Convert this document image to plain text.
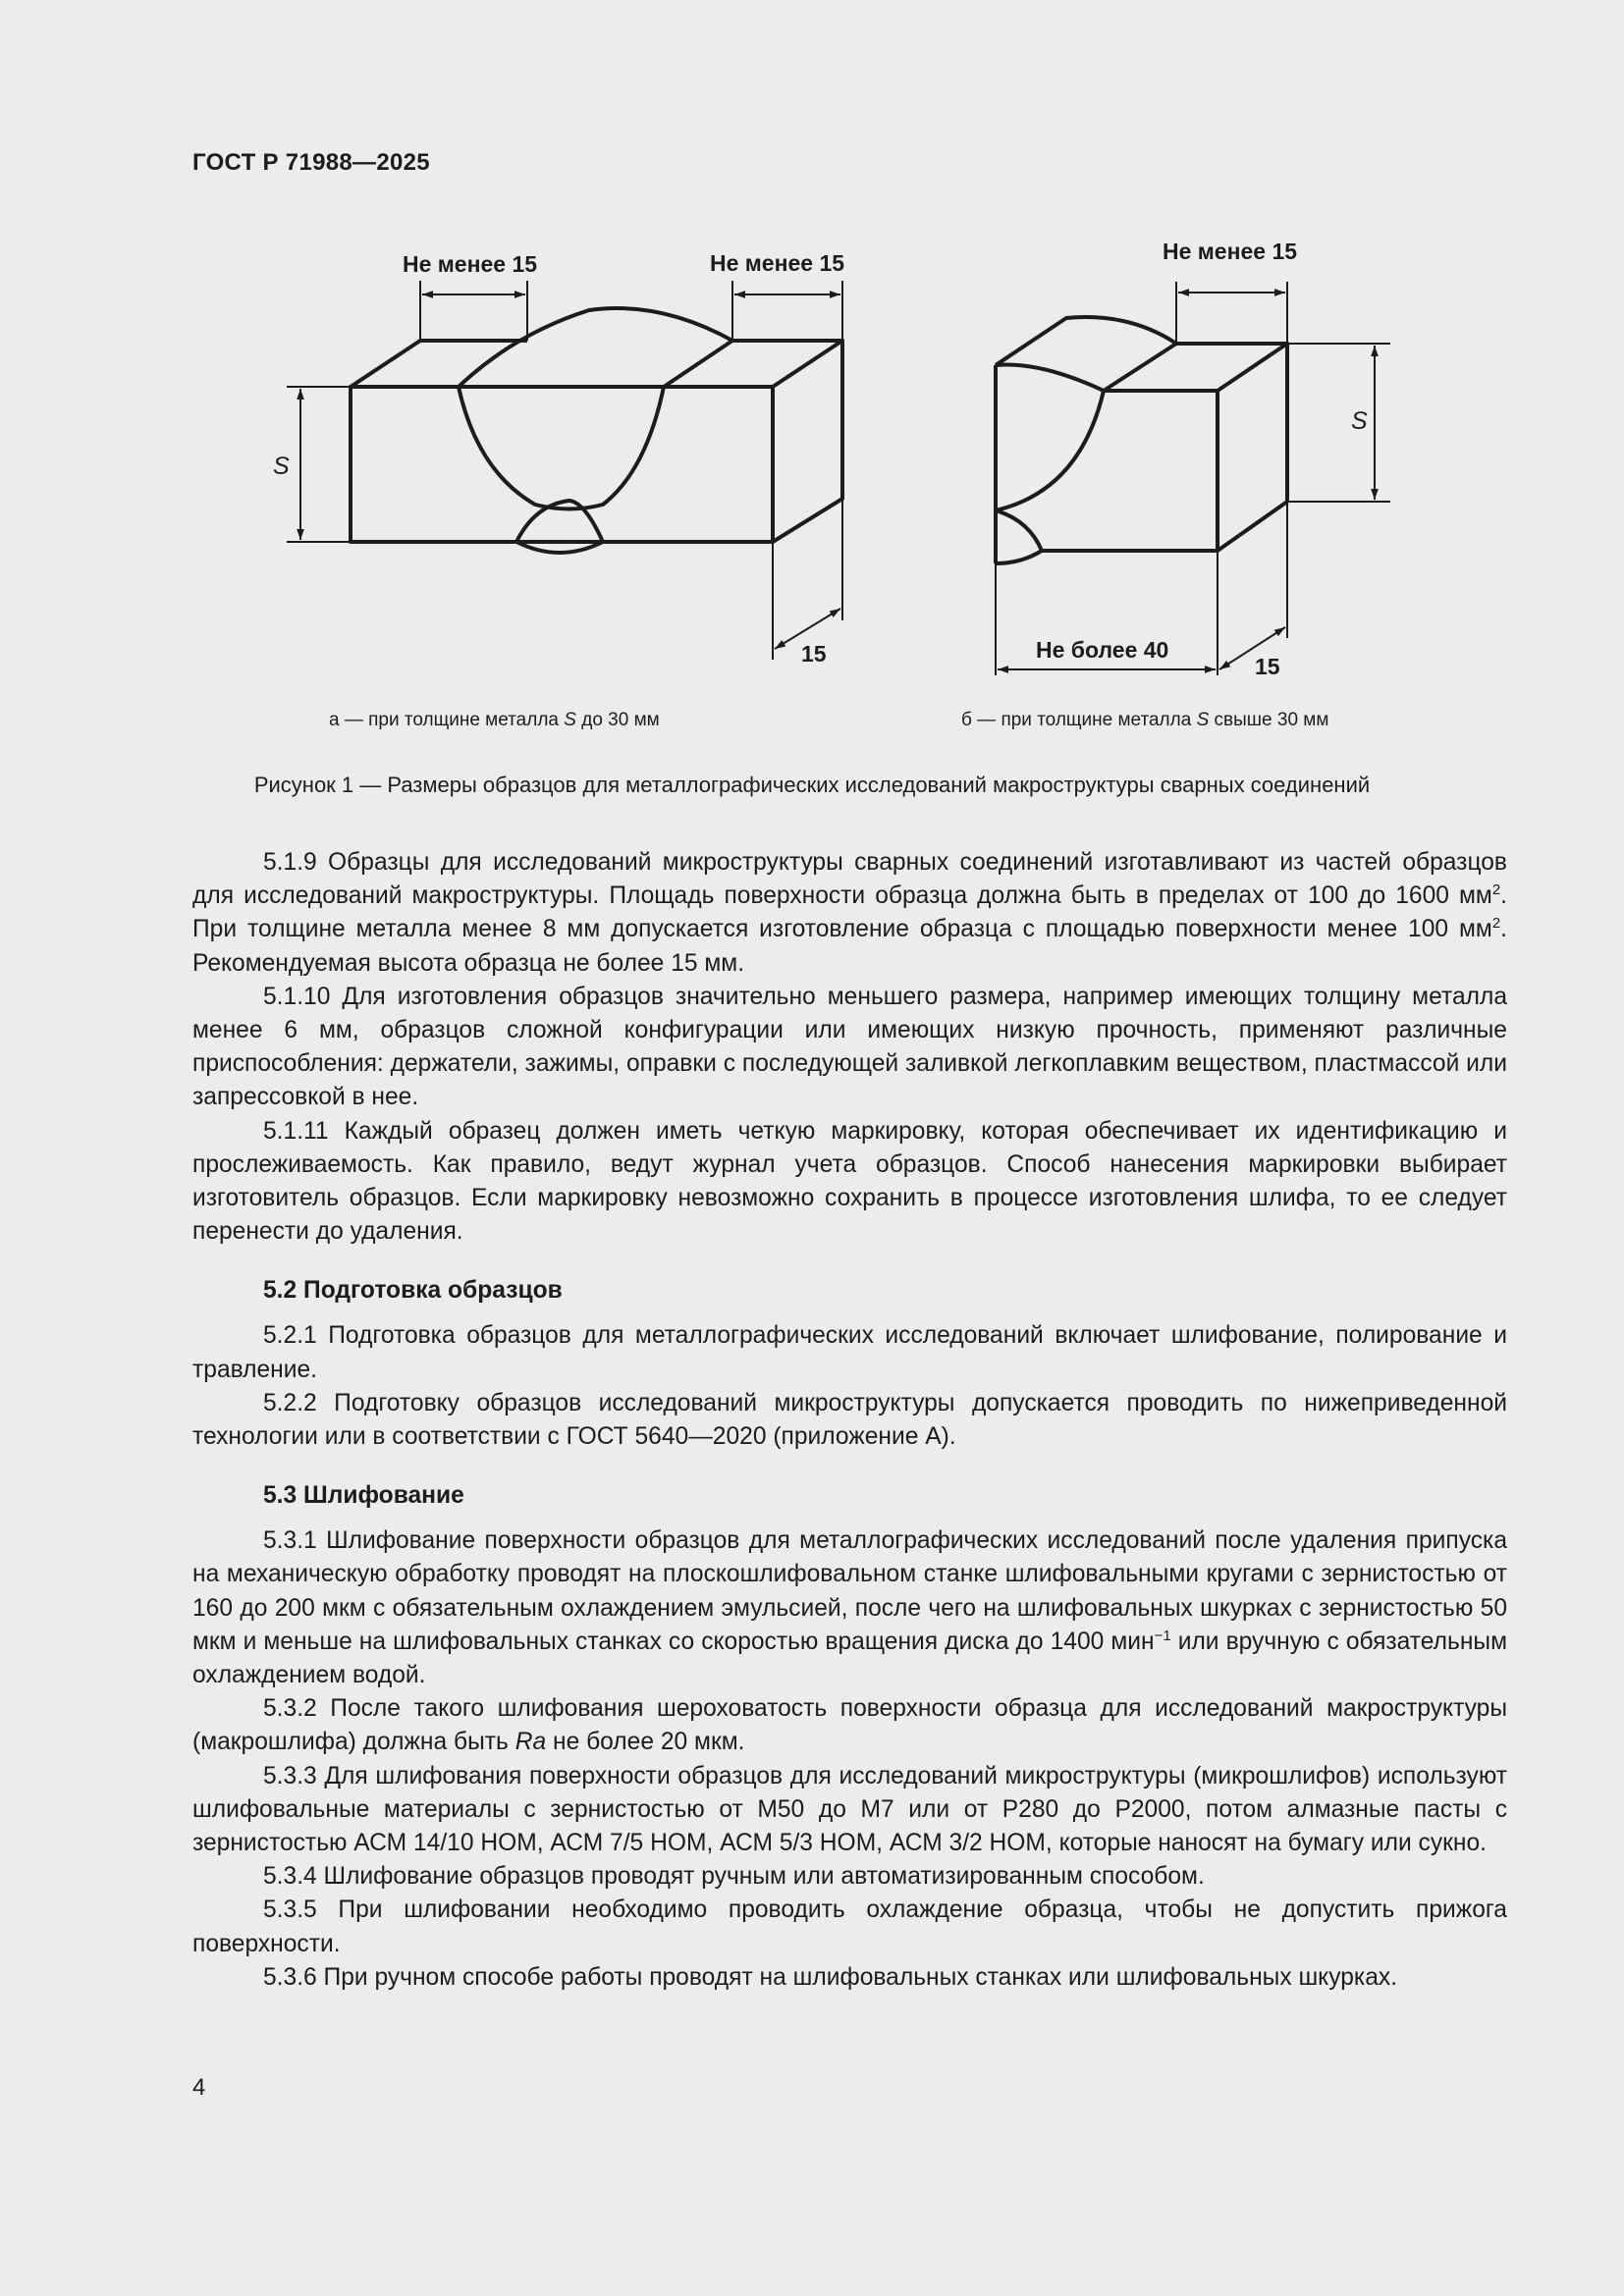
ГОСТ Р 71988—2025
Не менее 15	Не менее 15
S
15
Не менее 15
S
Не более 40
15
а — при толщине металла S до 30 мм	б — при толщине металла S свыше 30 мм
Рисунок 1 — Размеры образцов для металлографических исследований макроструктуры сварных соединений

5.1.9 Образцы для исследований микроструктуры сварных соединений изготавливают из частей образцов для исследований макроструктуры. Площадь поверхности образца должна быть в пределах от 100 до 1600 $мм^2$. При толщине металла менее 8 мм допускается изготовление образца с площадью поверхности менее 100 $мм^2$. Рекомендуемая высота образца не более 15 мм.

5.1.10 Для изготовления образцов значительно меньшего размера, например имеющих толщину металла менее 6 мм, образцов сложной конфигурации или имеющих низкую прочность, применяют различные приспособления: держатели, зажимы, оправки с последующей заливкой легкоплавким веществом, пластмассой или запрессовкой в нее.

5.1.11 Каждый образец должен иметь четкую маркировку, которая обеспечивает их идентификацию и прослеживаемость. Как правило, ведут журнал учета образцов. Способ нанесения маркировки выбирает изготовитель образцов. Если маркировку невозможно сохранить в процессе изготовления шлифа, то ее следует перенести до удаления.

5.2 Подготовка образцов

5.2.1 Подготовка образцов для металлографических исследований включает шлифование, полирование и травление.

5.2.2 Подготовку образцов исследований микроструктуры допускается проводить по нижеприведенной технологии или в соответствии с ГОСТ 5640—2020 (приложение А).

5.3 Шлифование

5.3.1 Шлифование поверхности образцов для металлографических исследований после удаления припуска на механическую обработку проводят на плоскошлифовальном станке шлифовальными кругами с зернистостью от 160 до 200 мкм с обязательным охлаждением эмульсией, после чего на шлифовальных шкурках с зернистостью 50 мкм и меньше на шлифовальных станках со скоростью вращения диска до 1400 мин$^{-1}$ или вручную с обязательным охлаждением водой.

5.3.2 После такого шлифования шероховатость поверхности образца для исследований макроструктуры (макрошлифа) должна быть Ra не более 20 мкм.

5.3.3 Для шлифования поверхности образцов для исследований микроструктуры (микрошлифов) используют шлифовальные материалы с зернистостью от М50 до М7 или от Р280 до Р2000, потом алмазные пасты с зернистостью АСМ 14/10 НОМ, АСМ 7/5 НОМ, АСМ 5/3 НОМ, АСМ 3/2 НОМ, которые наносят на бумагу или сукно.

5.3.4 Шлифование образцов проводят ручным или автоматизированным способом.

5.3.5 При шлифовании необходимо проводить охлаждение образца, чтобы не допустить прижога поверхности.

5.3.6 При ручном способе работы проводят на шлифовальных станках или шлифовальных шкурках.

4
